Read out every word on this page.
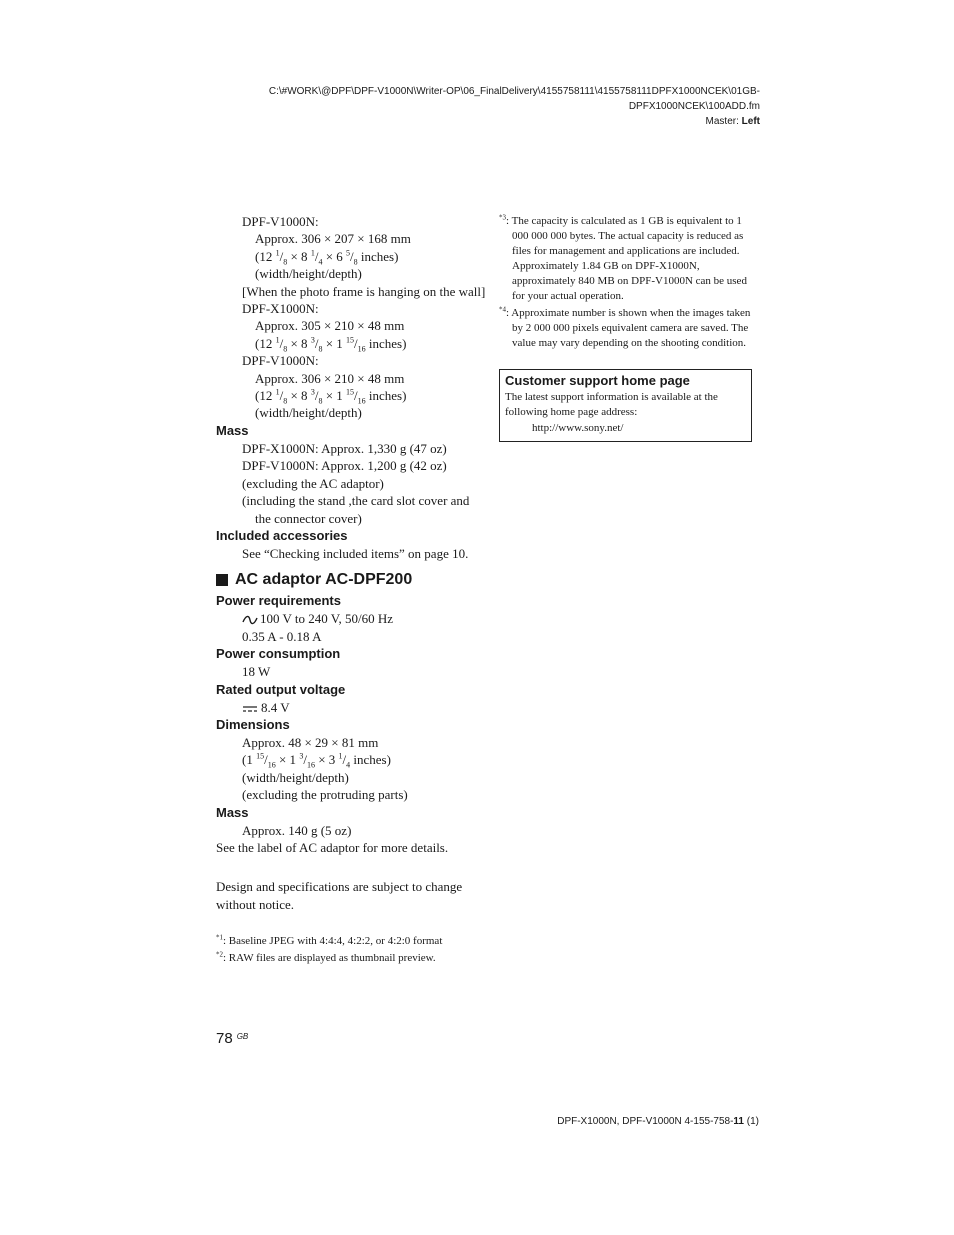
C:\#WORK\@DPF\DPF-V1000N\Writer-OP\06_FinalDelivery\4155758111\4155758111DPFX1000NCEK\01GB-
DPFX1000NCEK\100ADD.fm
Master: Left
DPF-V1000N:
Approx. 306 × 207 × 168 mm
(12 $^1/_8 \times 8$ $^1/_4 \times 6$ $^5/_8$ inches)
(width/height/depth)
[When the photo frame is hanging on the wall]
DPF-X1000N:
Approx. 305 × 210 × 48 mm
(12 $^1/_8 \times 8$ $^3/_8 \times 1$ $^{15}/_{16}$ inches)
DPF-V1000N:
Approx. 306 × 210 × 48 mm
(12 $^1/_8 \times 8$ $^3/_8 \times 1$ $^{15}/_{16}$ inches)
(width/height/depth)
Mass
DPF-X1000N: Approx. 1,330 g (47 oz)
DPF-V1000N: Approx. 1,200 g (42 oz)
(excluding the AC adaptor)
(including the stand ,the card slot cover and the connector cover)
Included accessories
See “Checking included items” on page 10.
AC adaptor AC-DPF200
Power requirements
100 V to 240 V, 50/60 Hz
0.35 A - 0.18 A
Power consumption
18 W
Rated output voltage
8.4 V
Dimensions
Approx. 48 × 29 × 81 mm
(1 $^{15}/_{16} \times 1$ $^3/_{16} \times 3$ $^1/_4$ inches)
(width/height/depth)
(excluding the protruding parts)
Mass
Approx. 140 g (5 oz)
See the label of AC adaptor for more details.
Design and specifications are subject to change without notice.
$^{*1}$: Baseline JPEG with 4:4:4, 4:2:2, or 4:2:0 format
$^{*2}$: RAW files are displayed as thumbnail preview.
$^{*3}$: The capacity is calculated as 1 GB is equivalent to 1 000 000 000 bytes. The actual capacity is reduced as files for management and applications are included. Approximately 1.84 GB on DPF-X1000N, approximately 840 MB on DPF-V1000N can be used for your actual operation.
$^{*4}$: Approximate number is shown when the images taken by 2 000 000 pixels equivalent camera are saved. The value may vary depending on the shooting condition.
Customer support home page
The latest support information is available at the following home page address:
http://www.sony.net/
78 $^{GB}$
DPF-X1000N, DPF-V1000N 4-155-758-11 (1)
